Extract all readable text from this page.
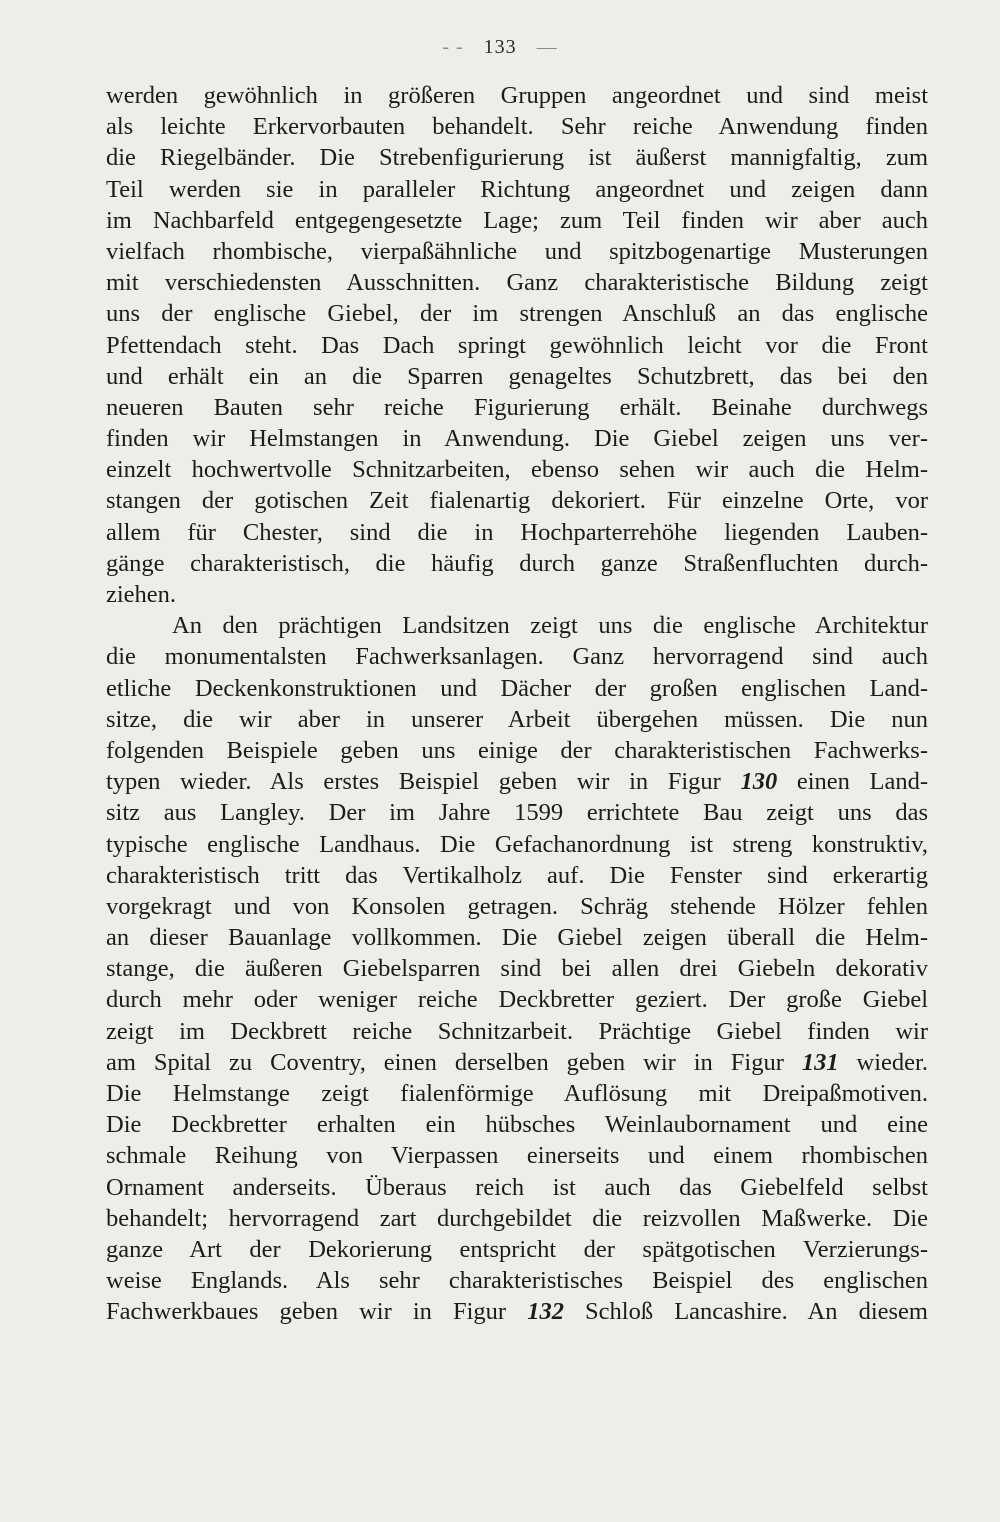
- - 133 —
werden gewöhnlich in größeren Gruppen angeordnet und sind meist
als leichte Erkervorbauten behandelt. Sehr reiche Anwendung finden
die Riegelbänder. Die Strebenfigurierung ist äußerst mannigfaltig, zum
Teil werden sie in paralleler Richtung angeordnet und zeigen dann
im Nachbarfeld entgegengesetzte Lage; zum Teil finden wir aber auch
vielfach rhombische, vierpaßähnliche und spitzbogenartige Musterungen
mit verschiedensten Ausschnitten. Ganz charakteristische Bildung zeigt
uns der englische Giebel, der im strengen Anschluß an das englische
Pfettendach steht. Das Dach springt gewöhnlich leicht vor die Front
und erhält ein an die Sparren genageltes Schutzbrett, das bei den
neueren Bauten sehr reiche Figurierung erhält. Beinahe durchwegs
finden wir Helmstangen in Anwendung. Die Giebel zeigen uns ver‑
einzelt hochwertvolle Schnitzarbeiten, ebenso sehen wir auch die Helm‑
stangen der gotischen Zeit fialenartig dekoriert. Für einzelne Orte, vor
allem für Chester, sind die in Hochparterrehöhe liegenden Lauben‑
gänge charakteristisch, die häufig durch ganze Straßenfluchten durch‑
ziehen.
An den prächtigen Landsitzen zeigt uns die englische Architektur
die monumentalsten Fachwerksanlagen. Ganz hervorragend sind auch
etliche Deckenkonstruktionen und Dächer der großen englischen Land‑
sitze, die wir aber in unserer Arbeit übergehen müssen. Die nun
folgenden Beispiele geben uns einige der charakteristischen Fachwerks‑
typen wieder. Als erstes Beispiel geben wir in Figur 130 einen Land‑
sitz aus Langley. Der im Jahre 1599 errichtete Bau zeigt uns das
typische englische Landhaus. Die Gefachanordnung ist streng konstruktiv,
charakteristisch tritt das Vertikalholz auf. Die Fenster sind erkerartig
vorgekragt und von Konsolen getragen. Schräg stehende Hölzer fehlen
an dieser Bauanlage vollkommen. Die Giebel zeigen überall die Helm‑
stange, die äußeren Giebelsparren sind bei allen drei Giebeln dekorativ
durch mehr oder weniger reiche Deckbretter geziert. Der große Giebel
zeigt im Deckbrett reiche Schnitzarbeit. Prächtige Giebel finden wir
am Spital zu Coventry, einen derselben geben wir in Figur 131 wieder.
Die Helmstange zeigt fialenförmige Auflösung mit Dreipaßmotiven.
Die Deckbretter erhalten ein hübsches Weinlaubornament und eine
schmale Reihung von Vierpassen einerseits und einem rhombischen
Ornament anderseits. Überaus reich ist auch das Giebelfeld selbst
behandelt; hervorragend zart durchgebildet die reizvollen Maßwerke. Die
ganze Art der Dekorierung entspricht der spätgotischen Verzierungs‑
weise Englands. Als sehr charakteristisches Beispiel des englischen
Fachwerkbaues geben wir in Figur 132 Schloß Lancashire. An diesem
